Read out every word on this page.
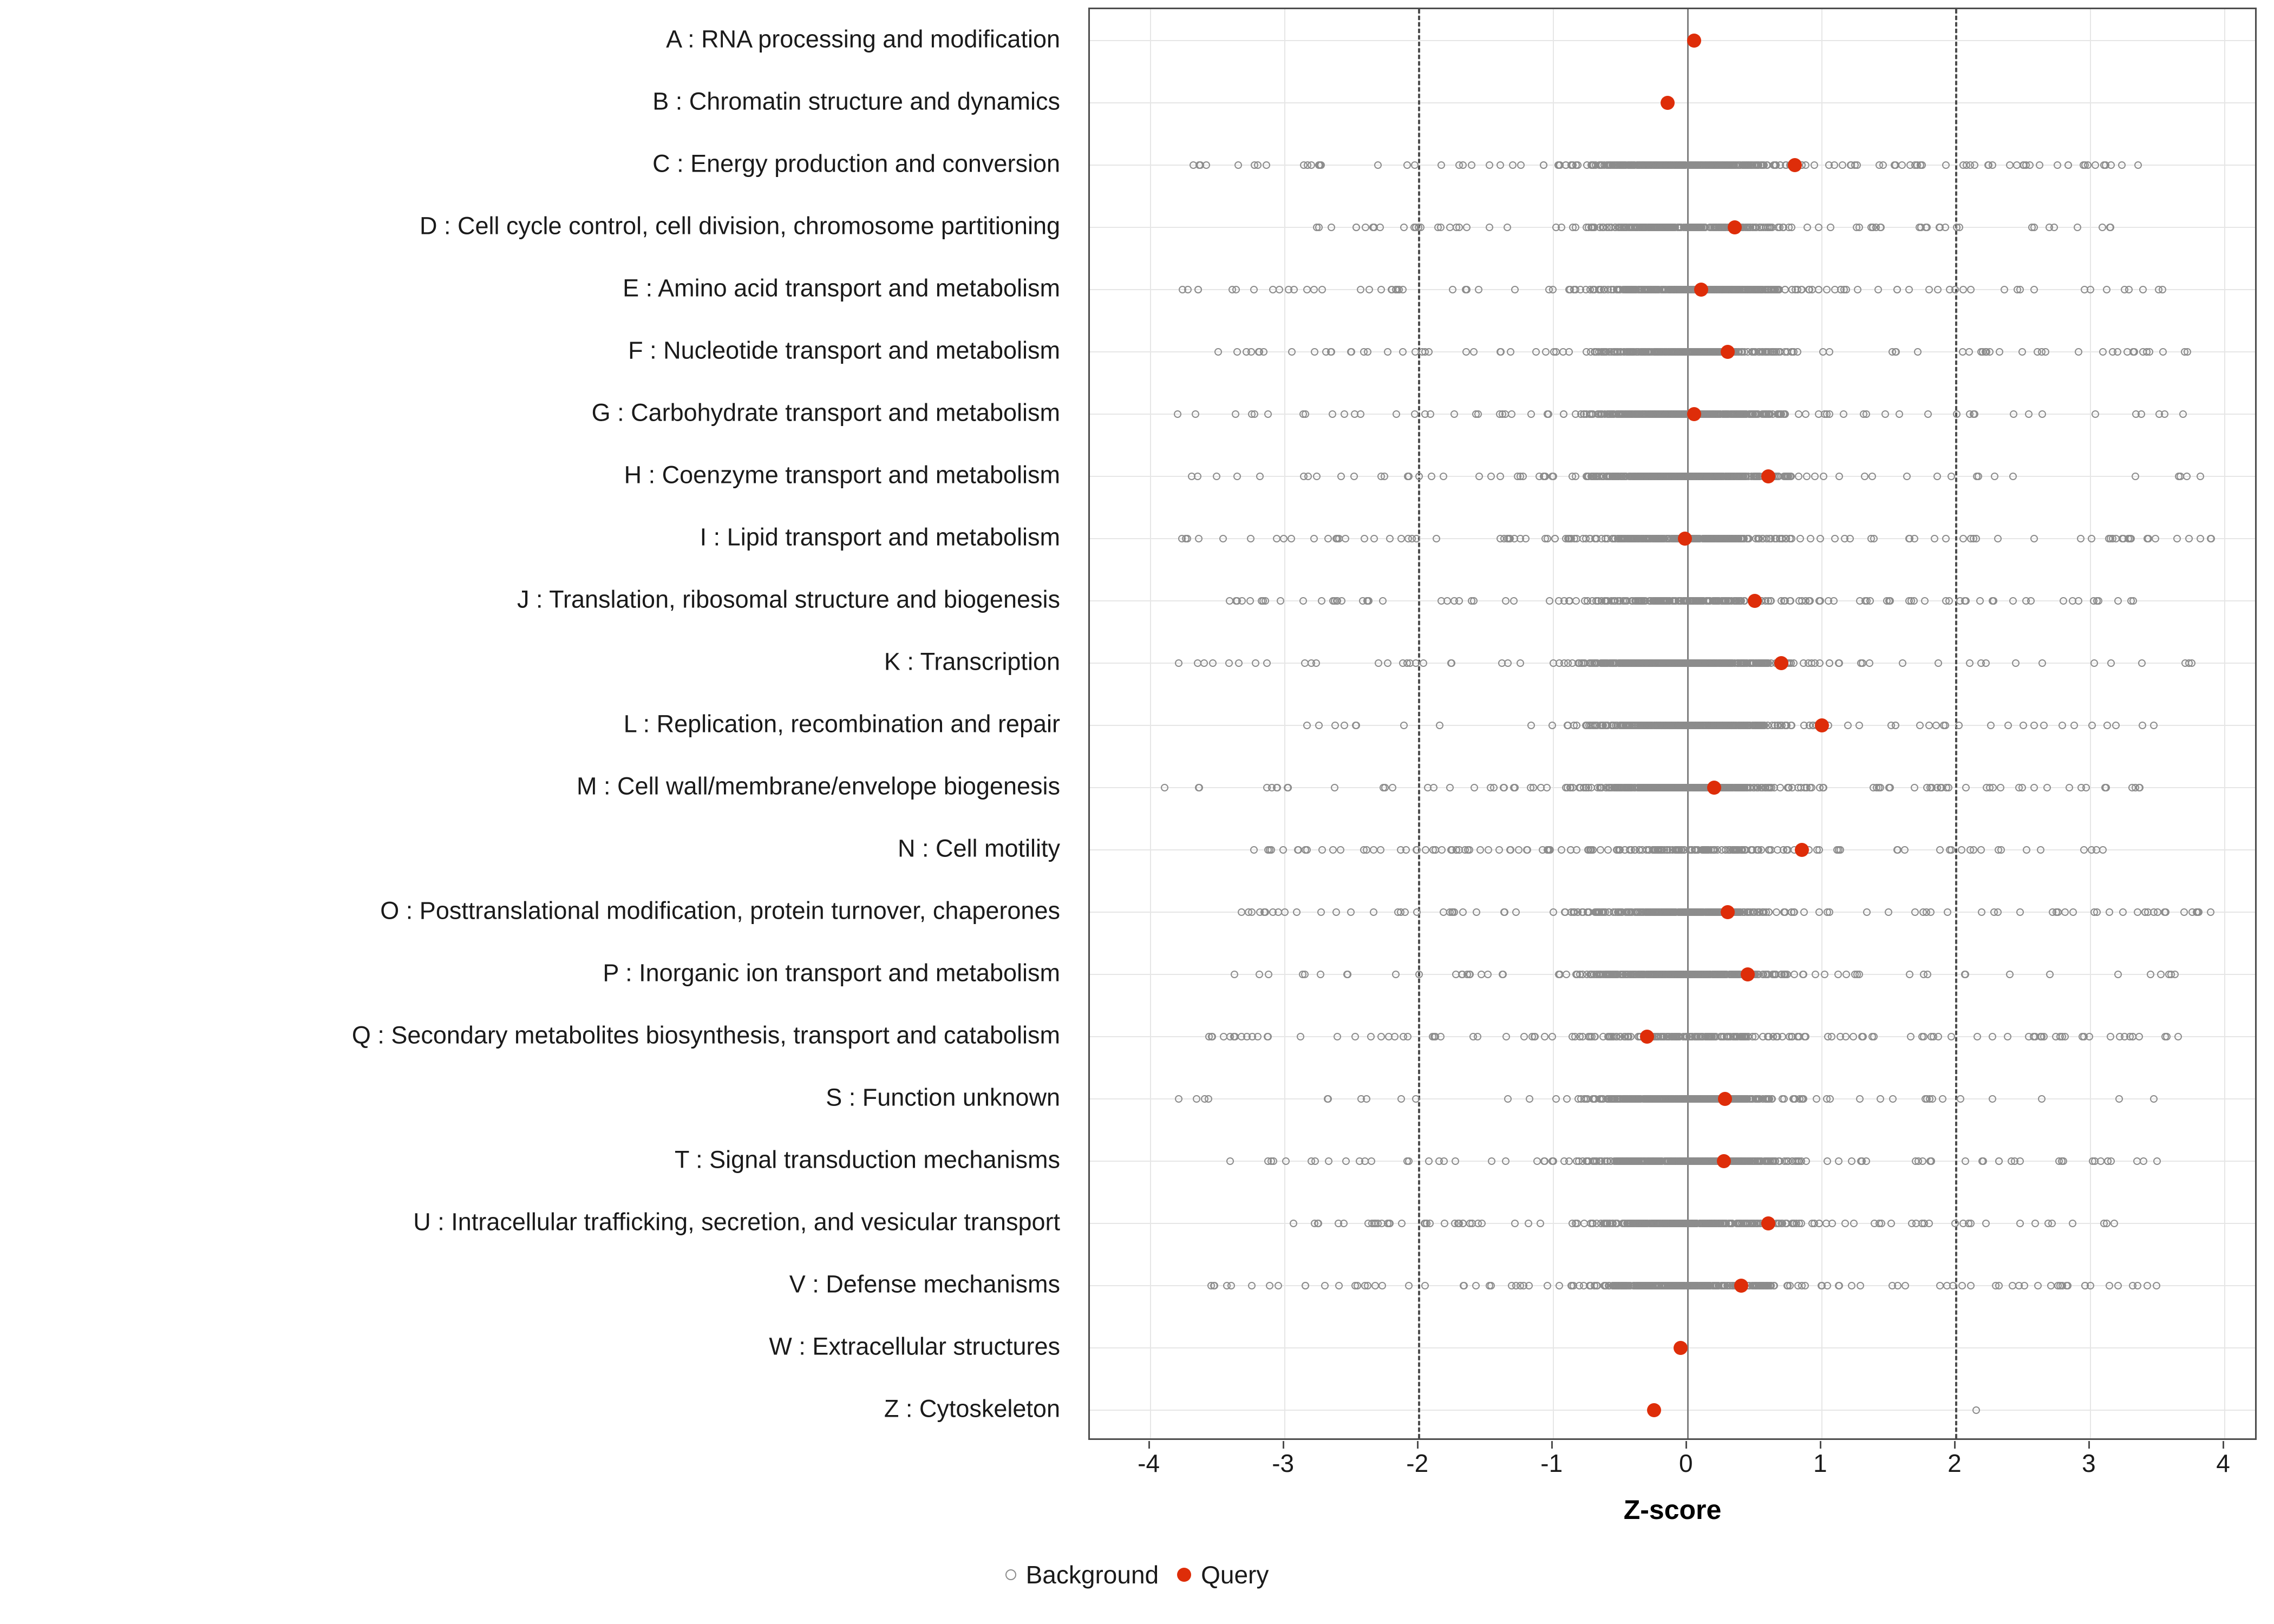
A : RNA processing and modification
B : Chromatin structure and dynamics
C : Energy production and conversion
D : Cell cycle control, cell division, chromosome partitioning
E : Amino acid transport and metabolism
F : Nucleotide transport and metabolism
G : Carbohydrate transport and metabolism
H : Coenzyme transport and metabolism
I : Lipid transport and metabolism
J : Translation, ribosomal structure and biogenesis
K : Transcription
L : Replication, recombination and repair
M : Cell wall/membrane/envelope biogenesis
N : Cell motility
O : Posttranslational modification, protein turnover, chaperones
P : Inorganic ion transport and metabolism
Q : Secondary metabolites biosynthesis, transport and catabolism
S : Function unknown
T : Signal transduction mechanisms
U : Intracellular trafficking, secretion, and vesicular transport
V : Defense mechanisms
W : Extracellular structures
Z : Cytoskeleton
-4	-3	-2	-1	0	1	2	3	4
Z-score
Background Query
